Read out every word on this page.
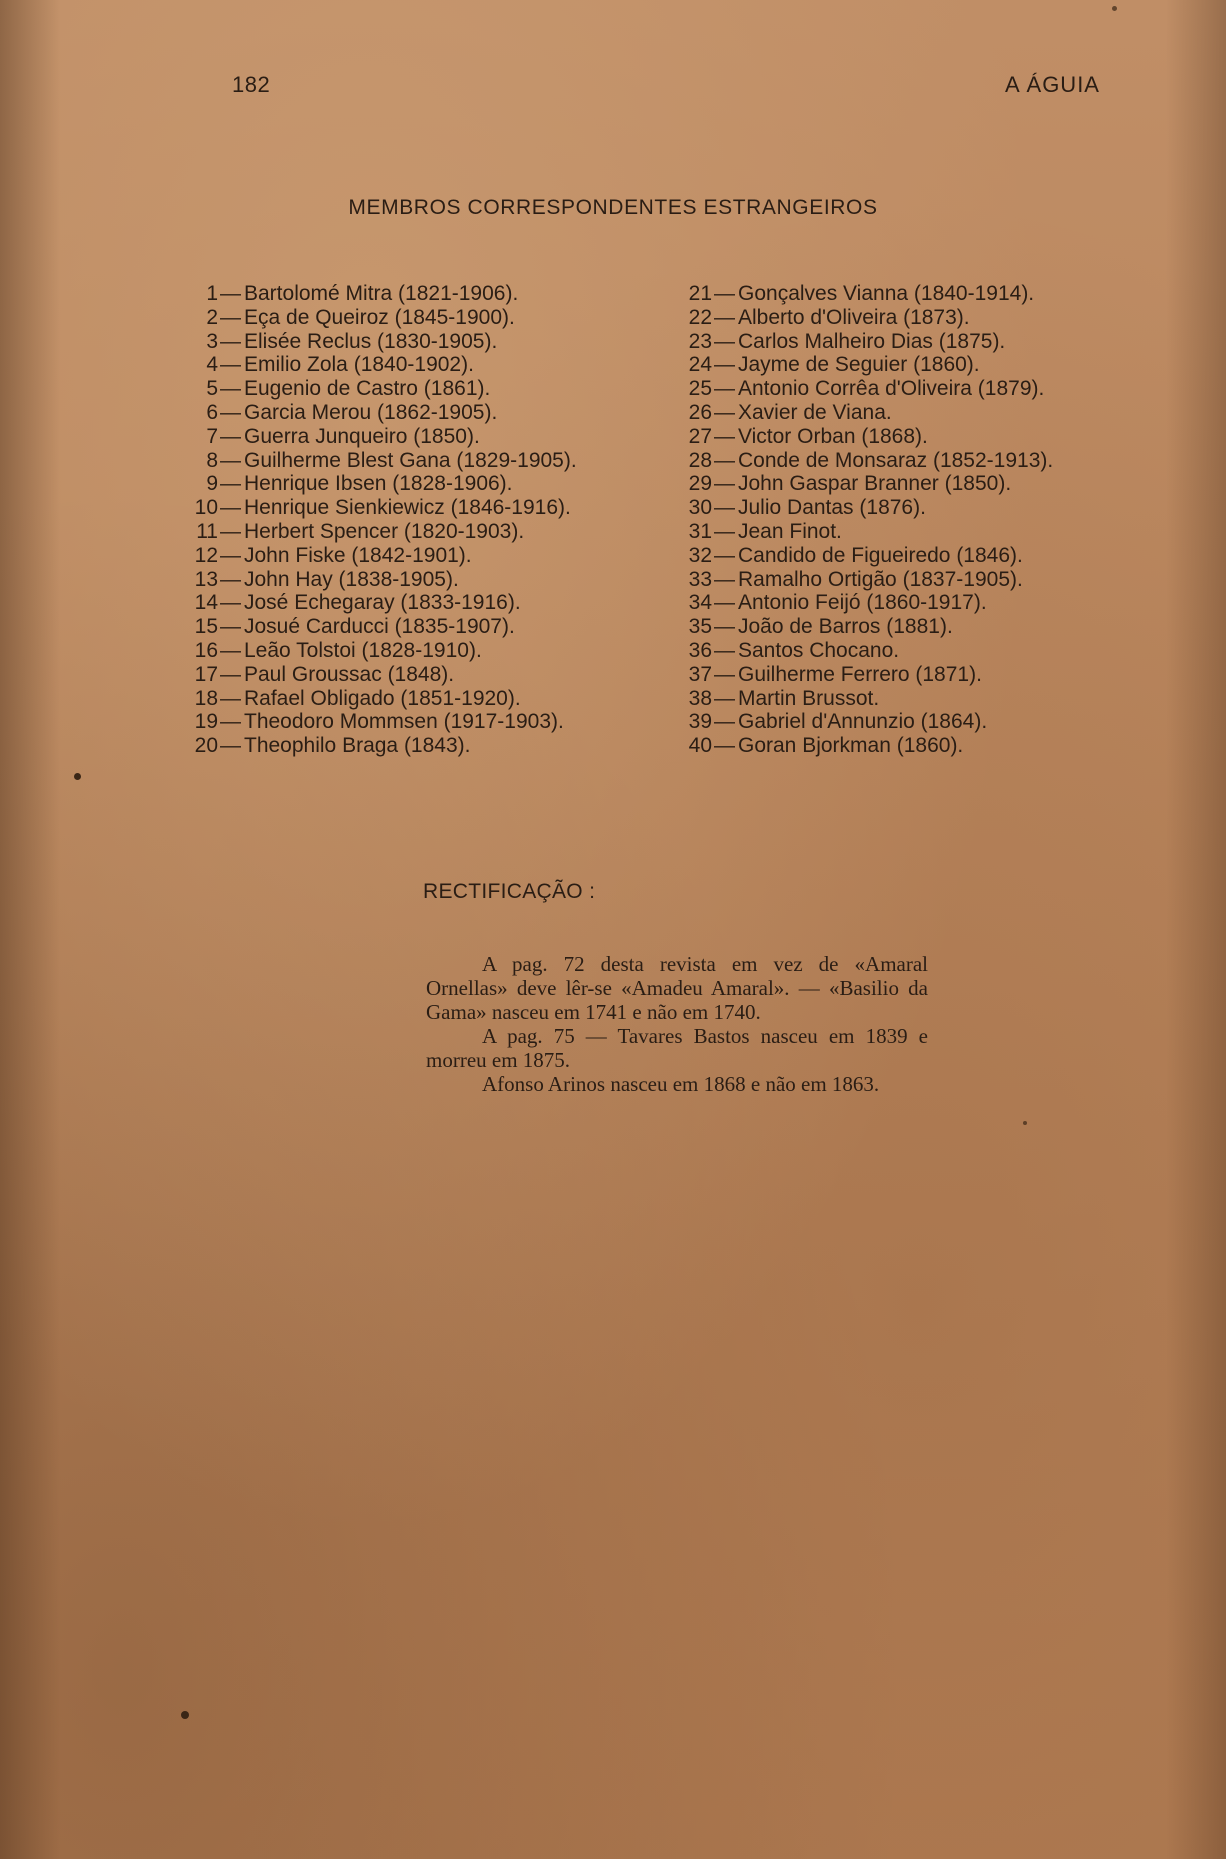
182	A ÁGUIA
MEMBROS CORRESPONDENTES ESTRANGEIROS
1— Bartolomé Mitra (1821-1906).
2— Eça de Queiroz (1845-1900).
3— Elisée Reclus (1830-1905).
4— Emilio Zola (1840-1902).
5— Eugenio de Castro (1861).
6— Garcia Merou (1862-1905).
7— Guerra Junqueiro (1850).
8— Guilherme Blest Gana (1829-1905).
9— Henrique Ibsen (1828-1906).
10— Henrique Sienkiewicz (1846-1916).
11— Herbert Spencer (1820-1903).
12— John Fiske (1842-1901).
13— John Hay (1838-1905).
14— José Echegaray (1833-1916).
15— Josué Carducci (1835-1907).
16— Leão Tolstoi (1828-1910).
17— Paul Groussac (1848).
18— Rafael Obligado (1851-1920).
19— Theodoro Mommsen (1917-1903).
20— Theophilo Braga (1843).
21— Gonçalves Vianna (1840-1914).
22— Alberto d'Oliveira (1873).
23— Carlos Malheiro Dias (1875).
24— Jayme de Seguier (1860).
25— Antonio Corrêa d'Oliveira (1879).
26— Xavier de Viana.
27— Victor Orban (1868).
28— Conde de Monsaraz (1852-1913).
29— John Gaspar Branner (1850).
30— Julio Dantas (1876).
31— Jean Finot.
32— Candido de Figueiredo (1846).
33— Ramalho Ortigão (1837-1905).
34— Antonio Feijó (1860-1917).
35— João de Barros (1881).
36— Santos Chocano.
37— Guilherme Ferrero (1871).
38— Martin Brussot.
39— Gabriel d'Annunzio (1864).
40— Goran Bjorkman (1860).
RECTIFICAÇÃO :

A pag. 72 desta revista em vez de «Amaral Ornellas» deve lêr-se «Amadeu Amaral». — «Basilio da Gama» nasceu em 1741 e não em 1740.

A pag. 75 — Tavares Bastos nasceu em 1839 e morreu em 1875.

Afonso Arinos nasceu em 1868 e não em 1863.
